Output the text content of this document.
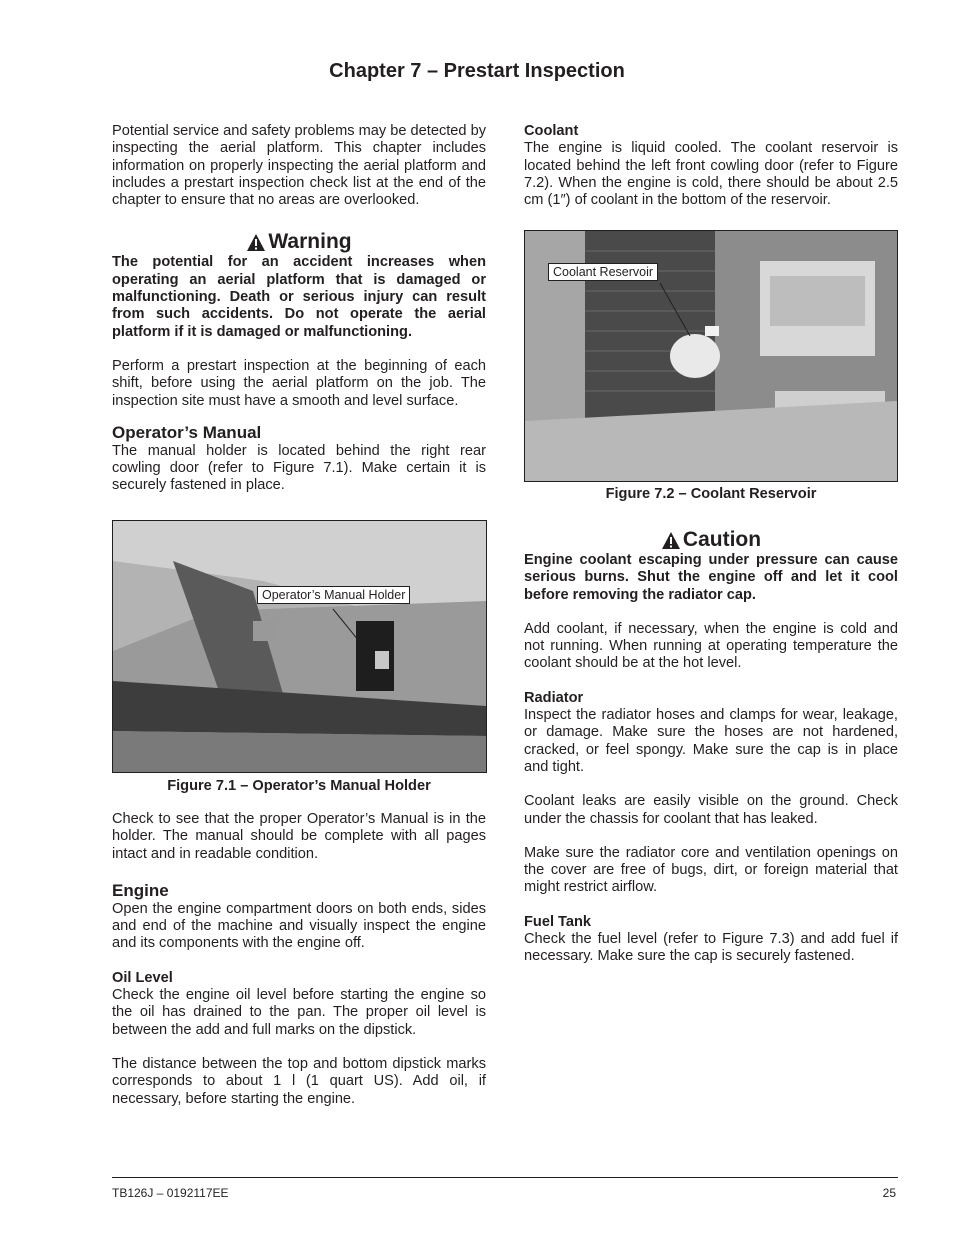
Chapter 7 – Prestart Inspection

Potential service and safety problems may be detected by inspecting the aerial platform. This chapter includes information on properly inspecting the aerial platform and includes a prestart inspection check list at the end of the chapter to ensure that no areas are overlooked.

Warning

The potential for an accident increases when operating an aerial platform that is damaged or malfunctioning. Death or serious injury can result from such accidents. Do not operate the aerial platform if it is damaged or malfunctioning.

Perform a prestart inspection at the beginning of each shift, before using the aerial platform on the job. The inspection site must have a smooth and level surface.

Operator’s Manual

The manual holder is located behind the right rear cowling door (refer to Figure 7.1). Make certain it is securely fastened in place.

Operator’s Manual Holder
Figure 7.1 – Operator’s Manual Holder

Check to see that the proper Operator’s Manual is in the holder. The manual should be complete with all pages intact and in readable condition.

Engine

Open the engine compartment doors on both ends, sides and end of the machine and visually inspect the engine and its components with the engine off.

Oil Level

Check the engine oil level before starting the engine so the oil has drained to the pan. The proper oil level is between the add and full marks on the dipstick.

The distance between the top and bottom dipstick marks corresponds to about 1 l (1 quart US). Add oil, if necessary, before starting the engine.

Coolant

The engine is liquid cooled. The coolant reservoir is located behind the left front cowling door (refer to Figure 7.2). When the engine is cold, there should be about 2.5 cm (1″) of coolant in the bottom of the reservoir.

Coolant Reservoir
Figure 7.2 – Coolant Reservoir
Caution

Engine coolant escaping under pressure can cause serious burns. Shut the engine off and let it cool before removing the radiator cap.

Add coolant, if necessary, when the engine is cold and not running. When running at operating temperature the coolant should be at the hot level.

Radiator

Inspect the radiator hoses and clamps for wear, leakage, or damage. Make sure the hoses are not hardened, cracked, or feel spongy. Make sure the cap is in place and tight.

Coolant leaks are easily visible on the ground. Check under the chassis for coolant that has leaked.

Make sure the radiator core and ventilation openings on the cover are free of bugs, dirt, or foreign material that might restrict airflow.

Fuel Tank

Check the fuel level (refer to Figure 7.3) and add fuel if necessary. Make sure the cap is securely fastened.

TB126J – 0192117EE	25
